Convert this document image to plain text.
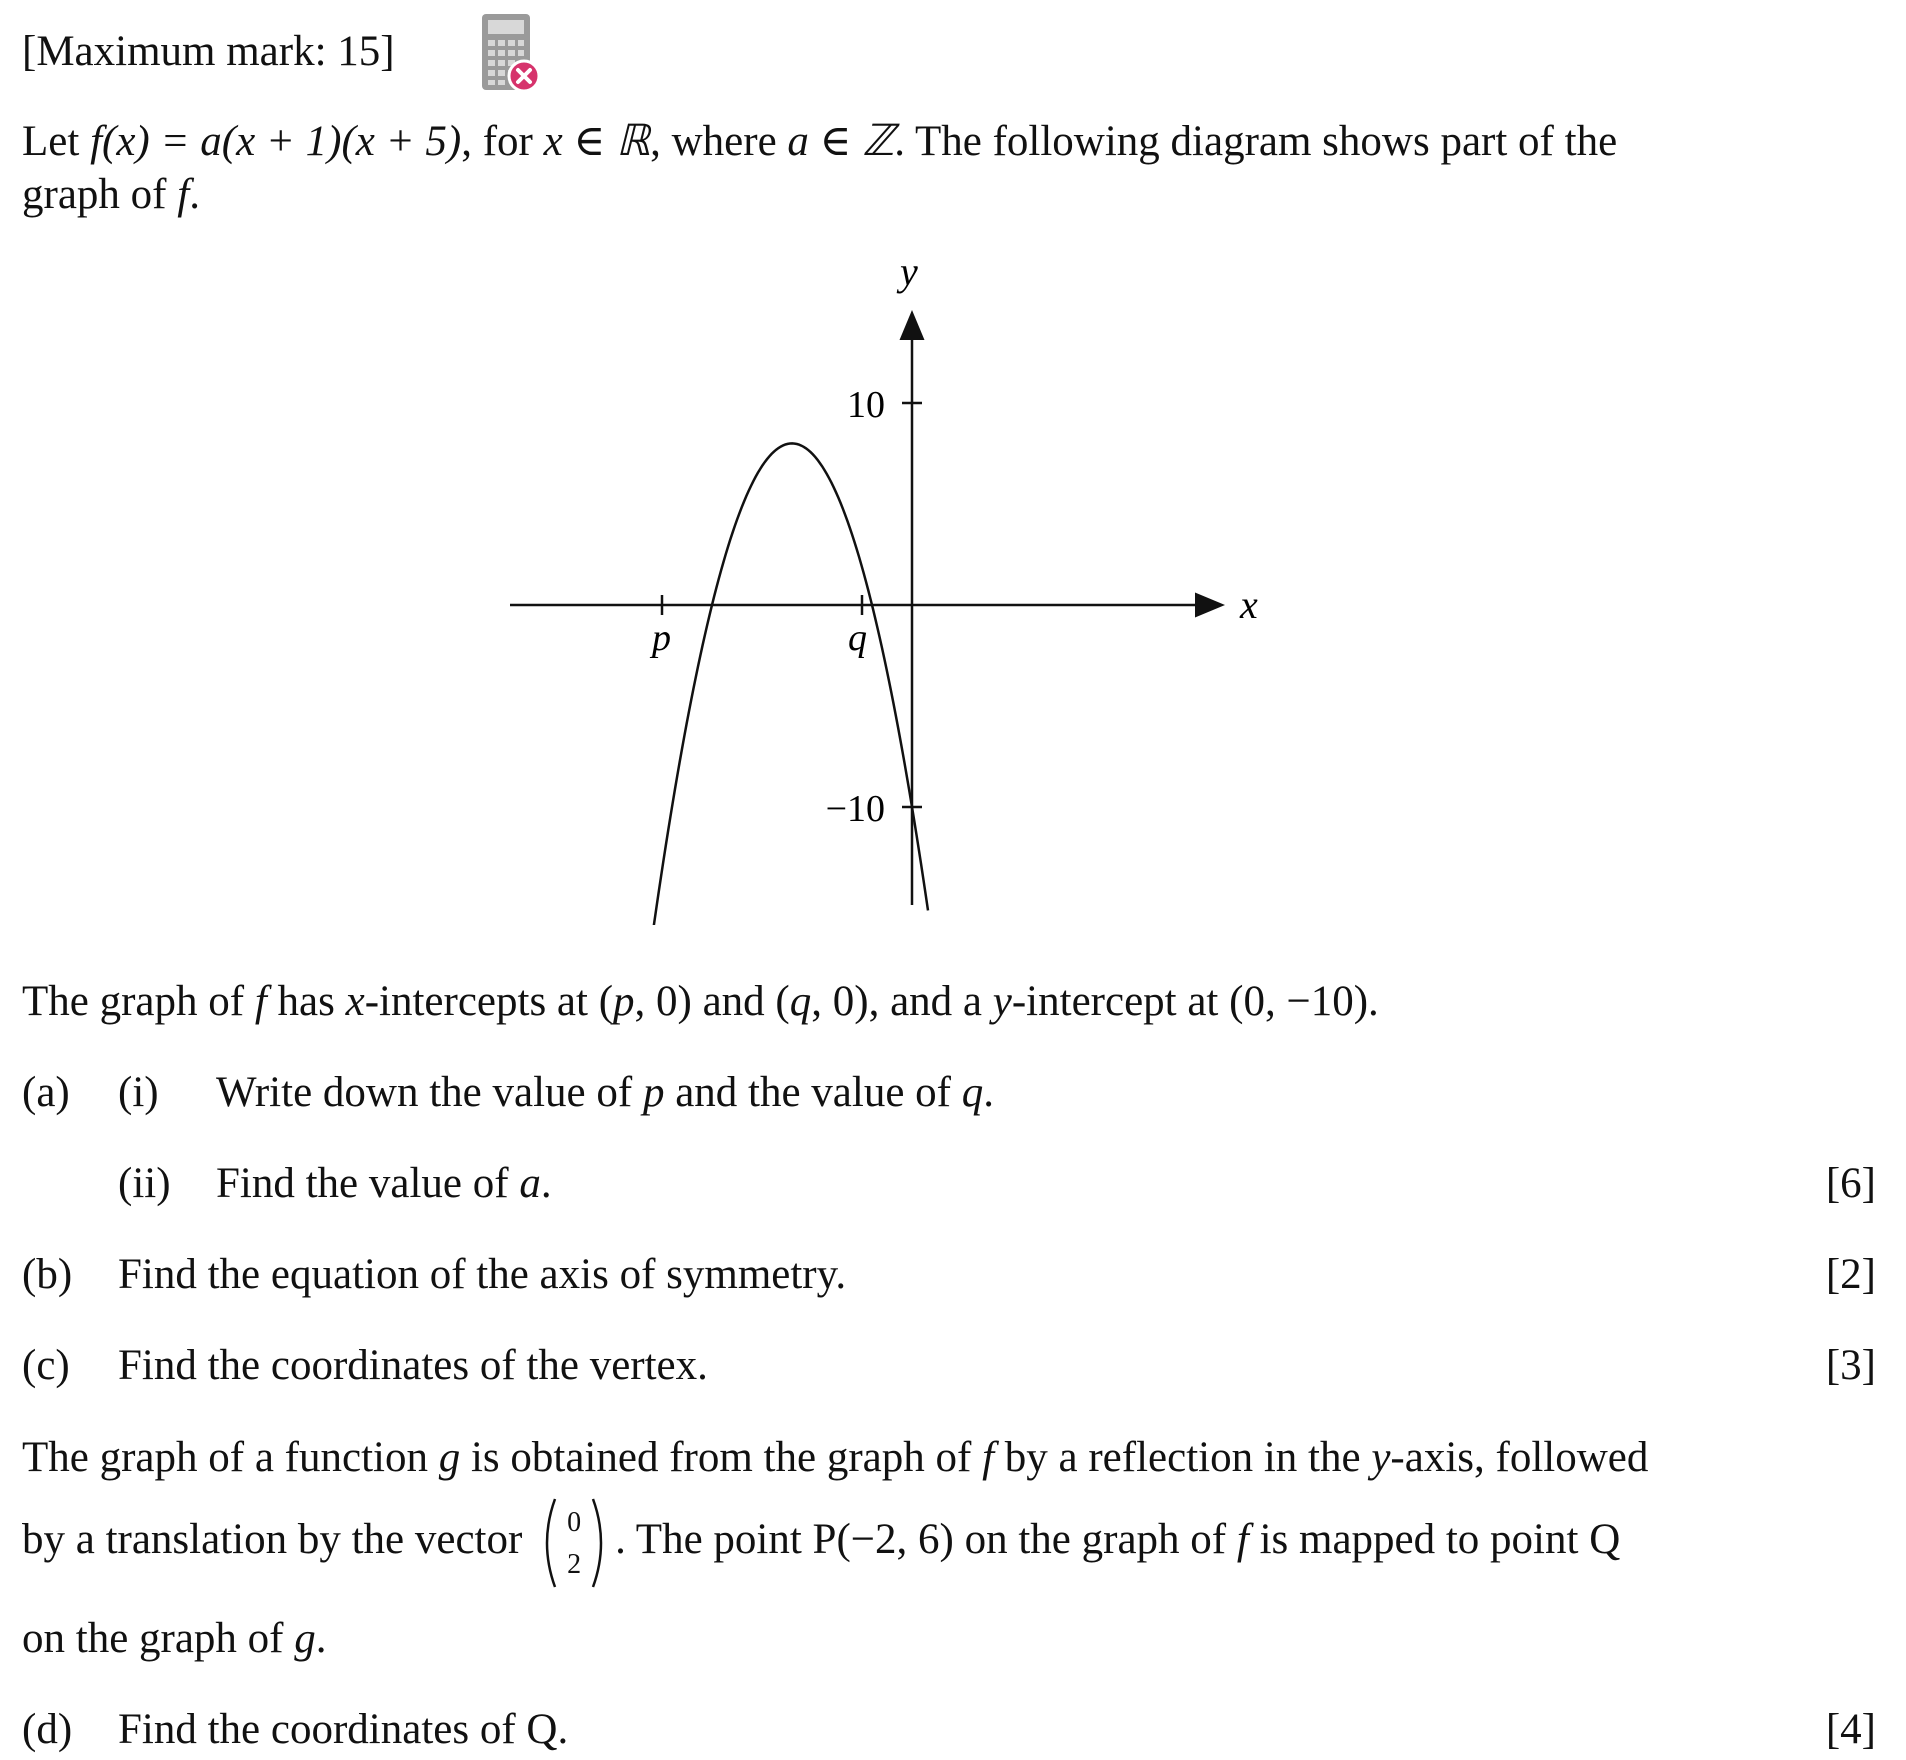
[Maximum mark: 15]
Let f(x) = a(x + 1)(x + 5), for x ∈ ℝ, where a ∈ ℤ. The following diagram shows part of the
graph of f.
x
y
10
−10
p	q
The graph of f has x-intercepts at (p, 0) and (q, 0), and a y-intercept at (0, −10).
(a) (i) Write down the value of p and the value of q.
(ii) Find the value of a.	[6]
(b) Find the equation of the axis of symmetry.	[2]
(c) Find the coordinates of the vertex.	[3]
The graph of a function g is obtained from the graph of f by a reflection in the y-axis, followed
by a translation by the vector	0
2
. The point P(−2, 6) on the graph of f is mapped to point Q
on the graph of g.
(d) Find the coordinates of Q.	[4]
